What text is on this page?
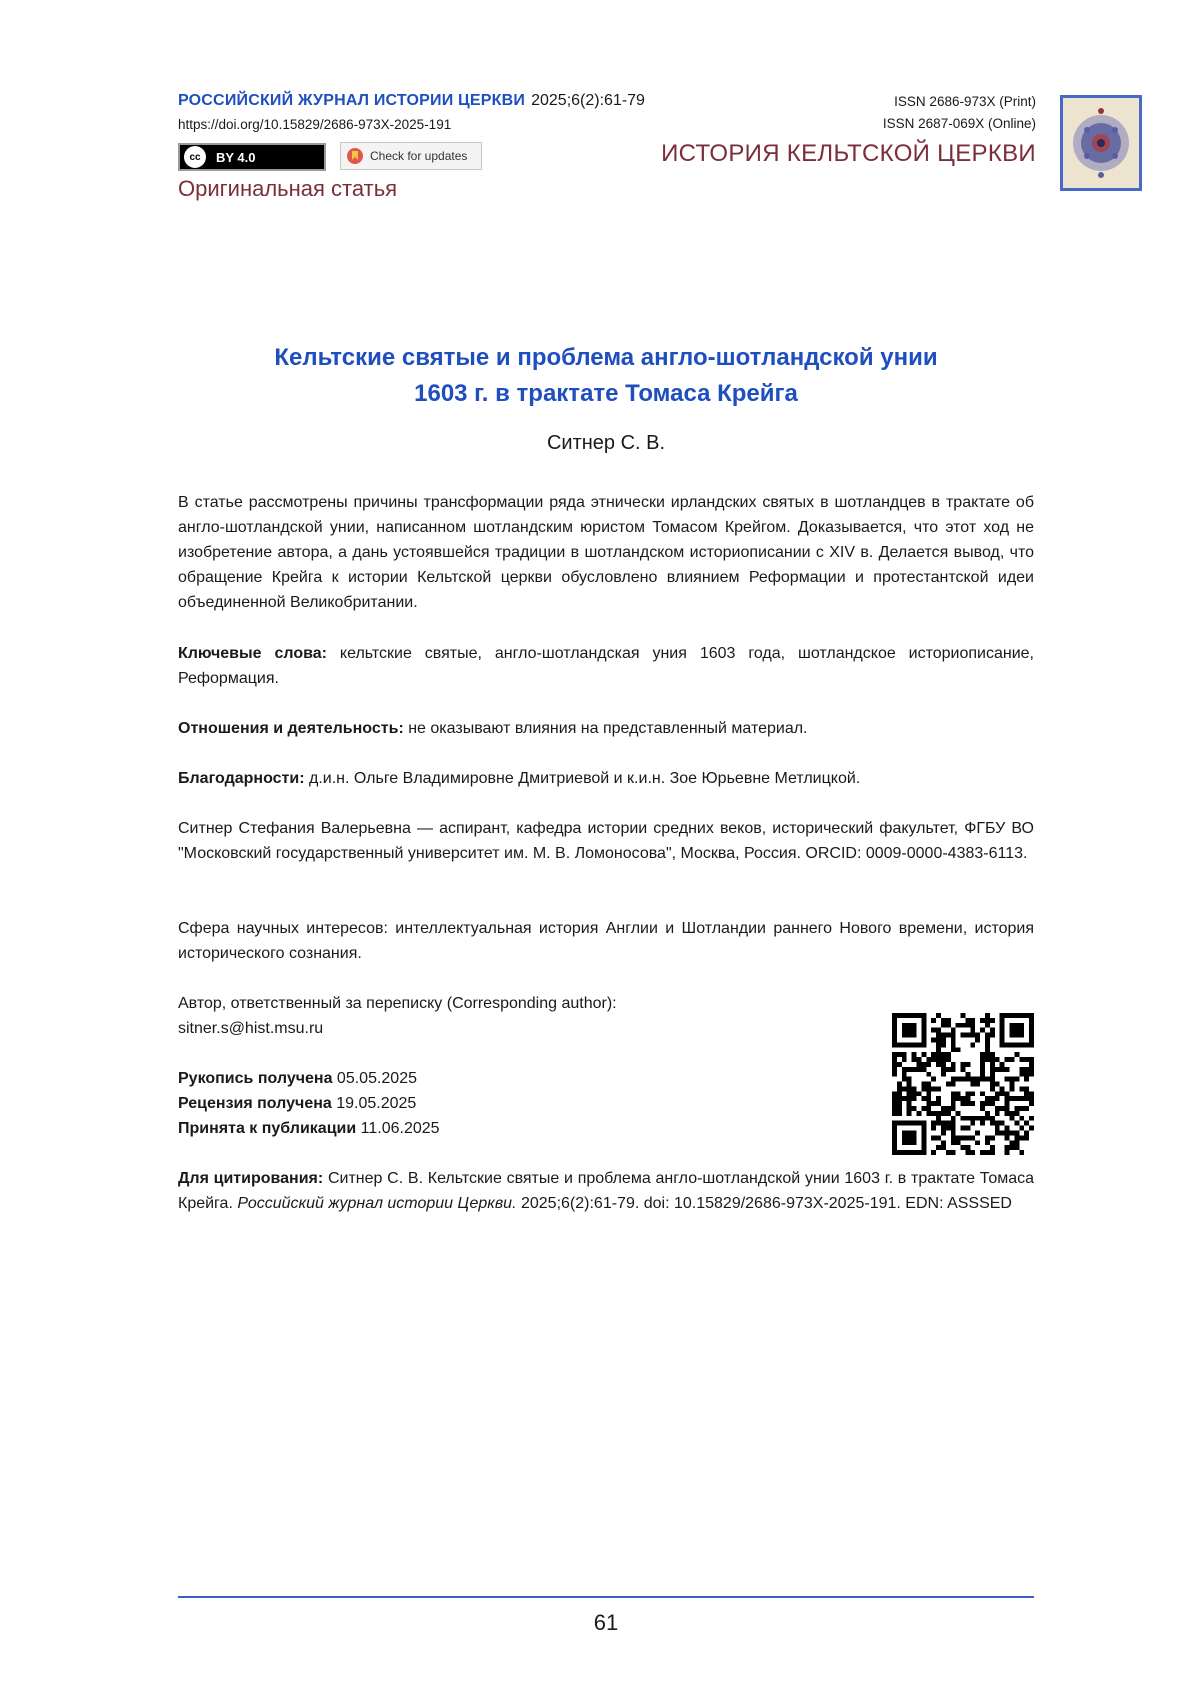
РОССИЙСКИЙ ЖУРНАЛ ИСТОРИИ ЦЕРКВИ 2025;6(2):61-79
https://doi.org/10.15829/2686-973X-2025-191
ISSN 2686-973X (Print)
ISSN 2687-069X (Online)
cc	BY 4.0	Check for updates	ИСТОРИЯ КЕЛЬТСКОЙ ЦЕРКВИ
Оригинальная статья
Кельтские святые и проблема англо-шотландской унии
1603 г. в трактате Томаса Крейга
Ситнер С. В.
В статье рассмотрены причины трансформации ряда этнически ирландских святых в шотландцев в трактате об англо-шотландской унии, написанном шотландским юристом Томасом Крейгом. Доказывается, что этот ход не изобретение автора, а дань устоявшейся традиции в шотландском историописании с XIV в. Делается вывод, что обращение Крейга к истории Кельтской церкви обусловлено влиянием Реформации и протестантской идеи объединенной Великобритании.
Ключевые слова: кельтские святые, англо-шотландская уния 1603 года, шотландское историописание, Реформация.
Отношения и деятельность: не оказывают влияния на представленный материал.
Благодарности: д.и.н. Ольге Владимировне Дмитриевой и к.и.н. Зое Юрьевне Метлицкой.
Ситнер Стефания Валерьевна — аспирант, кафедра истории средних веков, исторический факультет, ФГБУ ВО "Московский государственный университет им. М. В. Ломоносова", Москва, Россия. ORCID: 0009-0000-4383-6113.
Сфера научных интересов: интеллектуальная история Англии и Шотландии раннего Нового времени, история исторического сознания.
Автор, ответственный за переписку (Corresponding author):
sitner.s@hist.msu.ru
Рукопись получена 05.05.2025
Рецензия получена 19.05.2025
Принята к публикации 11.06.2025
Для цитирования: Ситнер С. В. Кельтские святые и проблема англо-шотландской унии 1603 г. в трактате Томаса Крейга. Российский журнал истории Церкви. 2025;6(2):61-79. doi: 10.15829/2686-973X-2025-191. EDN: ASSSED
61
